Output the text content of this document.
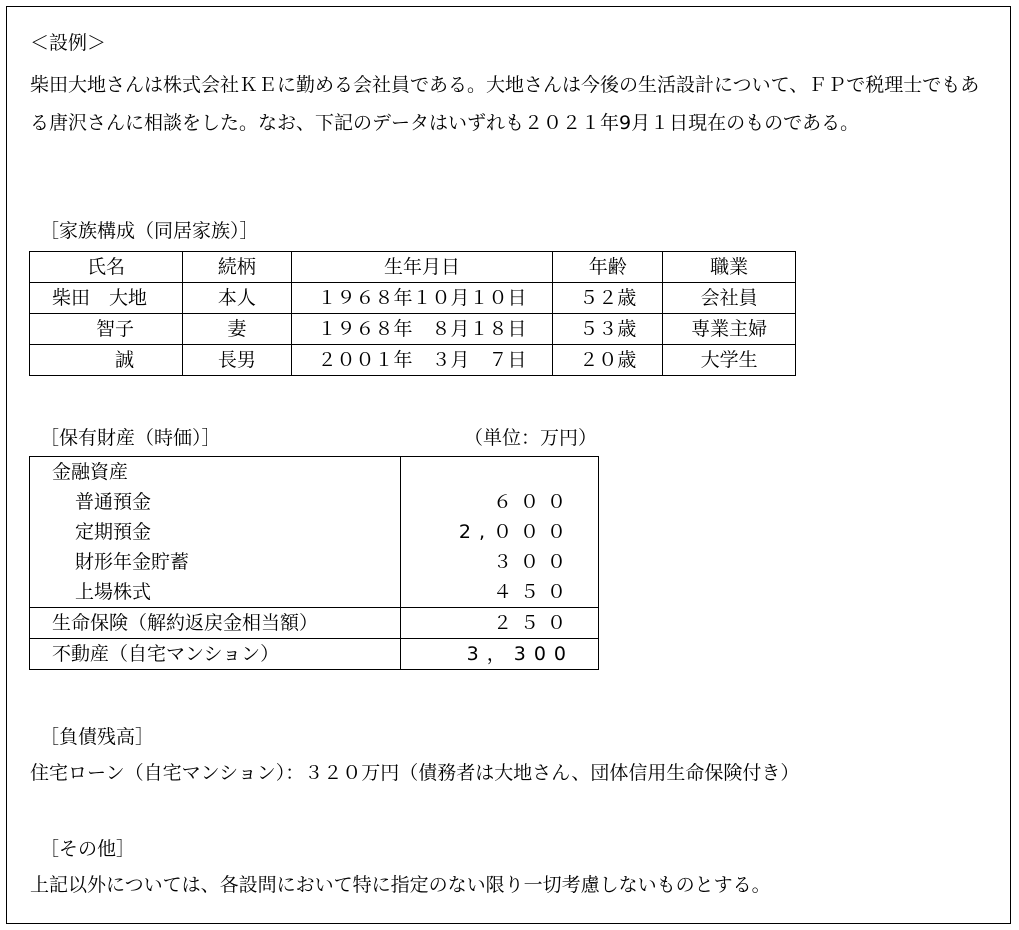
＜設例＞
柴田大地さんは株式会社ＫＥに勤める会社員である。大地さんは今後の生活設計について、ＦＰで税理士でもある唐沢さんに相談をした。なお、下記のデータはいずれも２０２１年9月１日現在のものである。
［家族構成（同居家族）］
氏名	続柄	生年月日	年齢	職業
柴田　大地	本人	１９６８年１０月１０日	５２歳	会社員
　　 智子	妻	１９６８年　８月１８日	５３歳	専業主婦
　　　 誠	長男	２００１年　３月　７日	２０歳	大学生
［保有財産（時価）］	（単位：万円）
金融資産	
普通預金	６００
定期預金	2,０００
財形年金貯蓄	３００
上場株式	４５０
生命保険（解約返戻金相当額）	２５０
不動産（自宅マンション）	3，300
［負債残高］
住宅ローン（自宅マンション）：３２０万円（債務者は大地さん、団体信用生命保険付き）
［その他］
上記以外については、各設問において特に指定のない限り一切考慮しないものとする。
